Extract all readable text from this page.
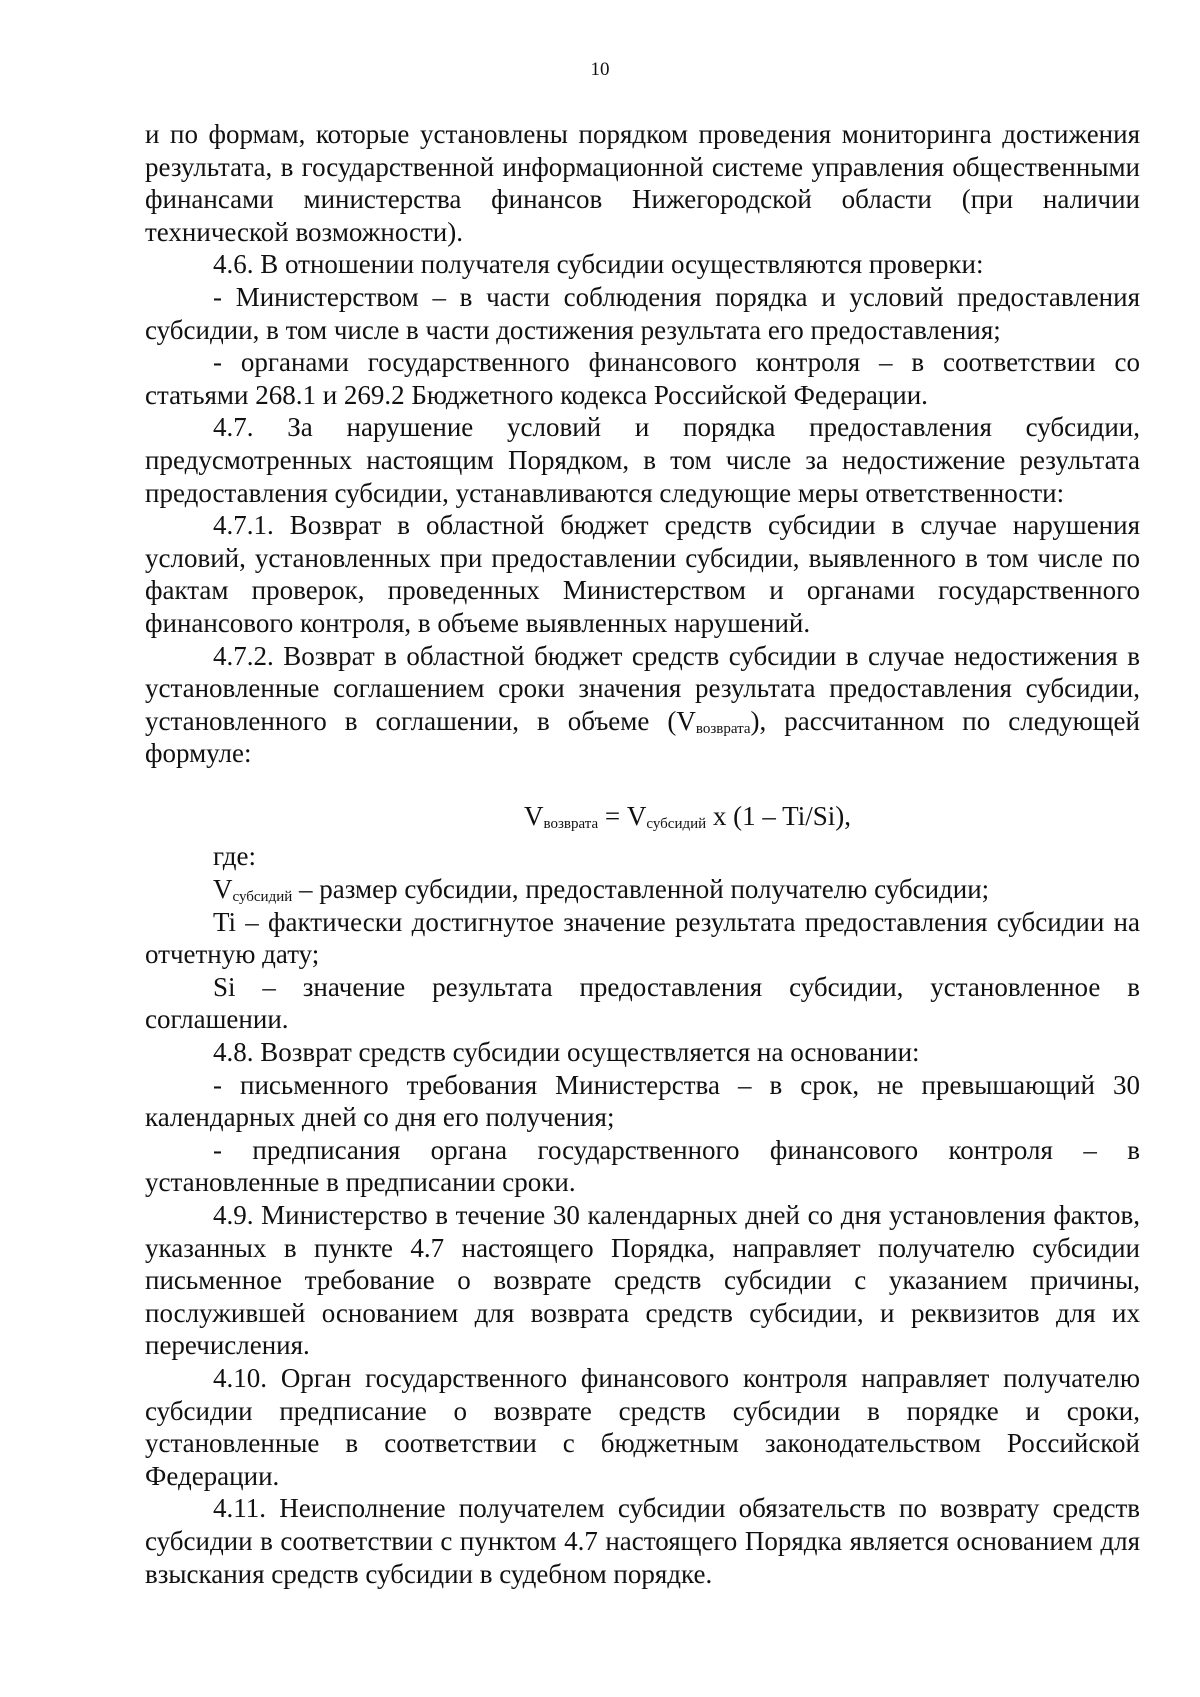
10

и по формам, которые установлены порядком проведения мониторинга достижения результата, в государственной информационной системе управления общественными финансами министерства финансов Нижегородской области (при наличии технической возможности).

4.6. В отношении получателя субсидии осуществляются проверки:

- Министерством – в части соблюдения порядка и условий предоставления субсидии, в том числе в части достижения результата его предоставления;

- органами государственного финансового контроля – в соответствии со статьями 268.1 и 269.2 Бюджетного кодекса Российской Федерации.

4.7. За нарушение условий и порядка предоставления субсидии, предусмотренных настоящим Порядком, в том числе за недостижение результата предоставления субсидии, устанавливаются следующие меры ответственности:

4.7.1. Возврат в областной бюджет средств субсидии в случае нарушения условий, установленных при предоставлении субсидии, выявленного в том числе по фактам проверок, проведенных Министерством и органами государственного финансового контроля, в объеме выявленных нарушений.

4.7.2. Возврат в областной бюджет средств субсидии в случае недостижения в установленные соглашением сроки значения результата предоставления субсидии, установленного в соглашении, в объеме $(V_{возврата})$, рассчитанном по следующей формуле:

$V_{возврата} = V_{субсидий}$ x (1 – Ti/Si),

где:

$V_{субсидий}$ – размер субсидии, предоставленной получателю субсидии;

Ti – фактически достигнутое значение результата предоставления субсидии на отчетную дату;

Si – значение результата предоставления субсидии, установленное в соглашении.

4.8. Возврат средств субсидии осуществляется на основании:

- письменного требования Министерства – в срок, не превышающий 30 календарных дней со дня его получения;

- предписания органа государственного финансового контроля – в установленные в предписании сроки.

4.9. Министерство в течение 30 календарных дней со дня установления фактов, указанных в пункте 4.7 настоящего Порядка, направляет получателю субсидии письменное требование о возврате средств субсидии с указанием причины, послужившей основанием для возврата средств субсидии, и реквизитов для их перечисления.

4.10. Орган государственного финансового контроля направляет получателю субсидии предписание о возврате средств субсидии в порядке и сроки, установленные в соответствии с бюджетным законодательством Российской Федерации.

4.11. Неисполнение получателем субсидии обязательств по возврату средств субсидии в соответствии с пунктом 4.7 настоящего Порядка является основанием для взыскания средств субсидии в судебном порядке.
